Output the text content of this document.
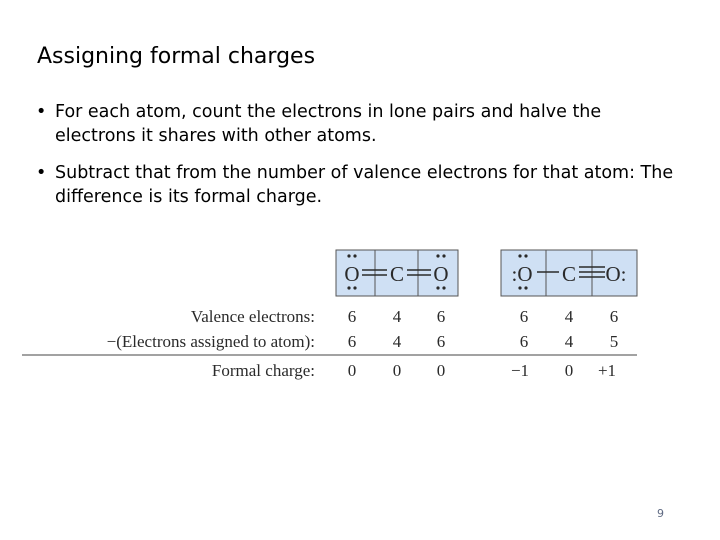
Assigning formal charges
• For each atom, count the electrons in lone pairs and halve the electrons it shares with other atoms.
• Subtract that from the number of valence electrons for that atom: The difference is its formal charge.
O C O	:O C O:
Valence electrons: 6 4 6	6 4 6
−(Electrons assigned to atom): 6 4 6	6 4 5
Formal charge: 0 0 0	−1 0 +1
9
